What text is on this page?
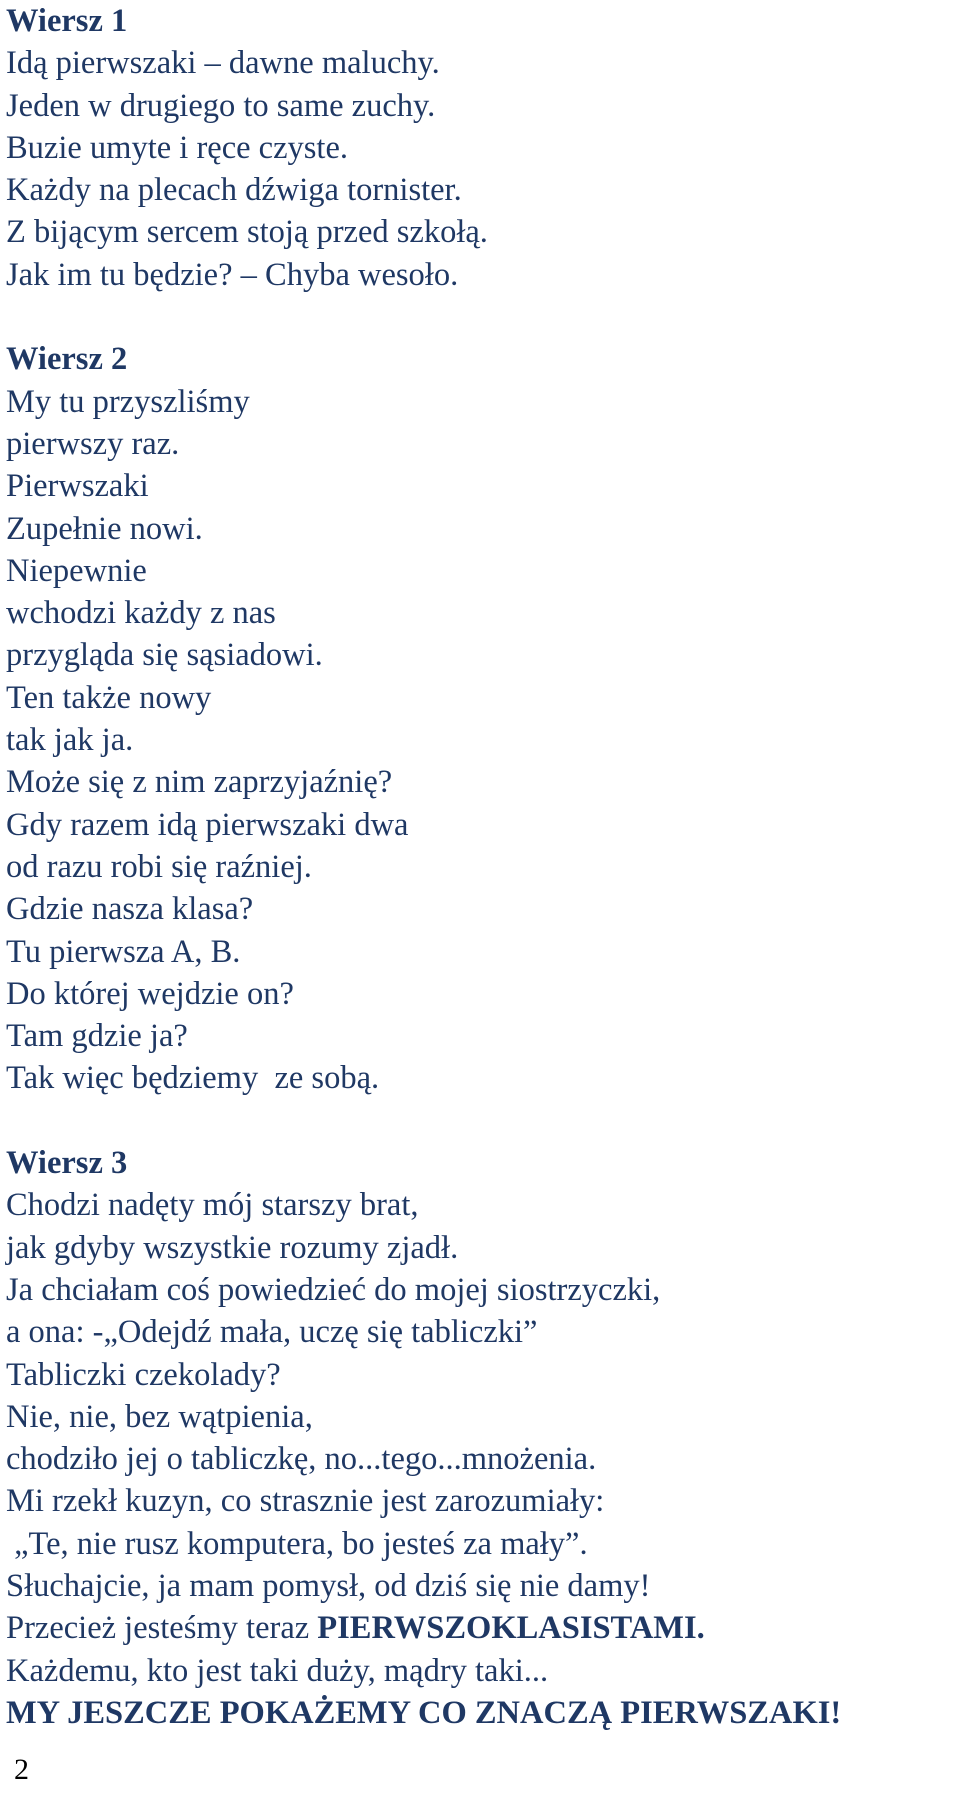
Wiersz 1
Idą pierwszaki – dawne maluchy.
Jeden w drugiego to same zuchy.
Buzie umyte i ręce czyste.
Każdy na plecach dźwiga tornister.
Z bijącym sercem stoją przed szkołą.
Jak im tu będzie? – Chyba wesoło.
Wiersz 2
My tu przyszliśmy
pierwszy raz.
Pierwszaki
Zupełnie nowi.
Niepewnie
wchodzi każdy z nas
przygląda się sąsiadowi.
Ten także nowy
tak jak ja.
Może się z nim zaprzyjaźnię?
Gdy razem idą pierwszaki dwa
od razu robi się raźniej.
Gdzie nasza klasa?
Tu pierwsza A, B.
Do której wejdzie on?
Tam gdzie ja?
Tak więc będziemy  ze sobą.
Wiersz 3
Chodzi nadęty mój starszy brat,
jak gdyby wszystkie rozumy zjadł.
Ja chciałam coś powiedzieć do mojej siostrzyczki,
a ona: -„Odejdź mała, uczę się tabliczki”
Tabliczki czekolady?
Nie, nie, bez wątpienia,
chodziło jej o tabliczkę, no...tego...mnożenia.
Mi rzekł kuzyn, co strasznie jest zarozumiały:
„Te, nie rusz komputera, bo jesteś za mały”.
Słuchajcie, ja mam pomysł, od dziś się nie damy!
Przecież jesteśmy teraz PIERWSZOKLASISTAMI.
Każdemu, kto jest taki duży, mądry taki...
MY JESZCZE POKAŻEMY CO ZNACZĄ PIERWSZAKI!
2
